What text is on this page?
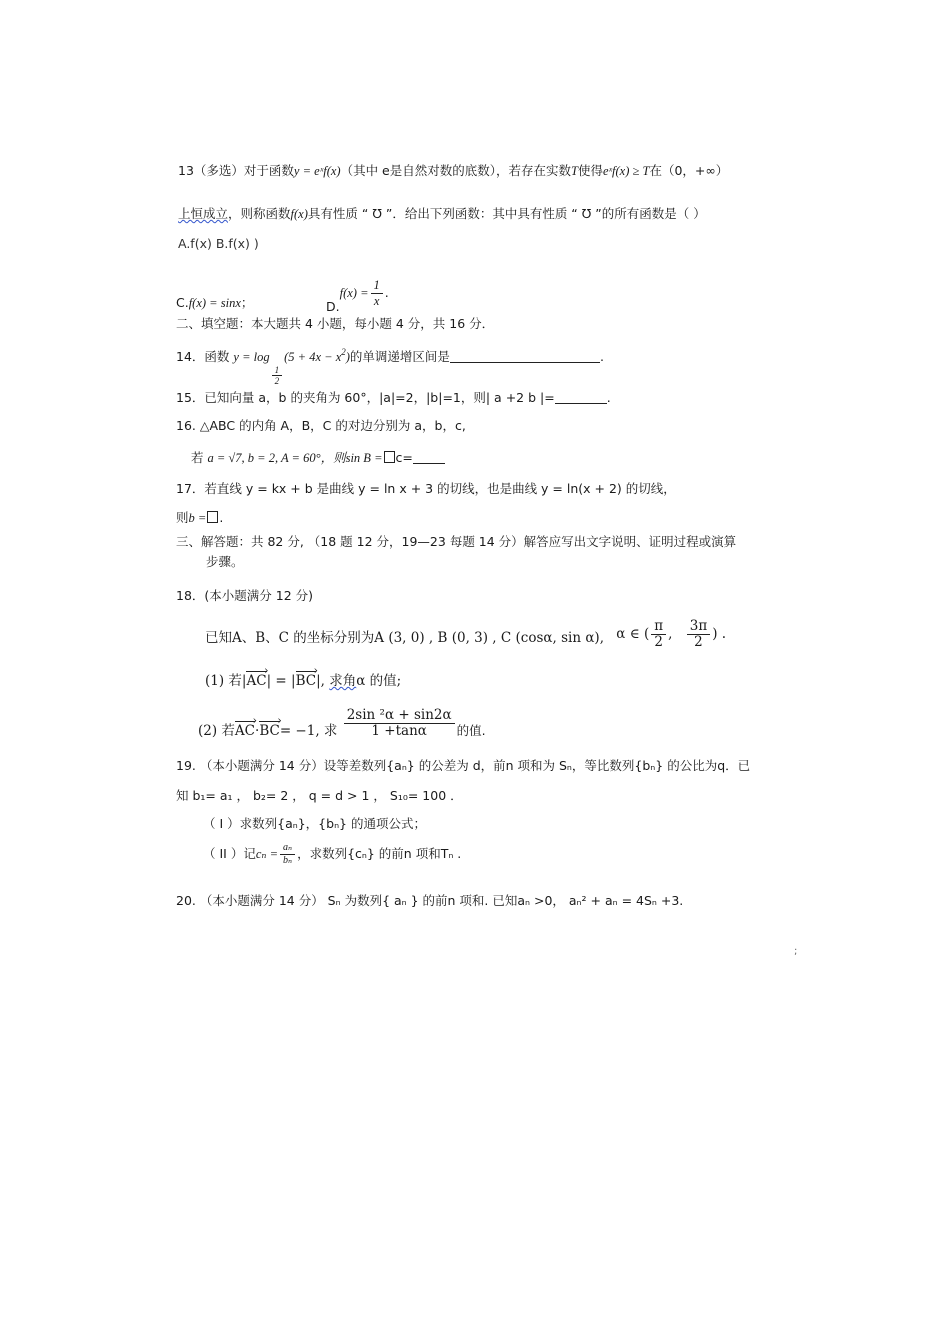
13（多选）对于函数y = eˣf(x)（其中 e是自然对数的底数），若存在实数T使得eˣf(x) ≥ T在（0，+∞）
上恒成立，则称函数f(x)具有性质 “ ℧ ”．给出下列函数：其中具有性质 “ ℧ ”的所有函数是（ ）
A.f(x) B.f(x) )
C.f(x) = sinx；	$D.f(x) = \frac{1}{x}$ .
二、填空题：本大题共 4 小题，每小题 4 分，共 16 分．
14．函数 y = log
$\frac{1}{2}$
$(5 + 4x - x^2)$的单调递增区间是	.
15．已知向量 a，b 的夹角为 60°，|a|=2，|b|=1，则| a +2 b |=	.
16. △ABC 的内角 A，B，C 的对边分别为 a，b，c,
若 a = √7, b = 2, A = 60°，则sin B = c=
17．若直线 y = kx + b 是曲线 y = ln x + 3 的切线，也是曲线 y = ln(x + 2) 的切线，
则b = .
三、解答题：共 82 分, （18 题 12 分，19—23 每题 14 分）解答应写出文字说明、证明过程或演算
步骤。
18．(本小题满分 12 分)
已知A、B、C 的坐标分别为A (3, 0) , B (0, 3) , C (cosα, sin α), α ∈ ( $\frac{\pi}{2}$ , $\frac{3\pi}{2}$ ) .
(1) 若|AC ›| = |BC ›|, 求角α 的值;
(2) 若AC ›·BC ›= −1, 求 $\frac{\text{2sin ²α + sin2α}}{1 +\tan\alpha}$ 的值.
19. （本小题满分 14 分）设等差数列{aₙ} 的公差为 d，前n 项和为 Sₙ，等比数列{bₙ} 的公比为q．已
知 b₁= a₁ ， b₂= 2 ， q = d > 1 ， S₁₀= 100 ．
（ I ）求数列{aₙ}，{bₙ} 的通项公式；
（ II ）记$c_n = \frac{\text{aₙ}}{\text{bₙ}}$ ，求数列{cₙ} 的前n 项和Tₙ .
20. （本小题满分 14 分） Sₙ 为数列{ aₙ } 的前n 项和. 已知aₙ >0， aₙ² + aₙ = 4Sₙ +3.
;
